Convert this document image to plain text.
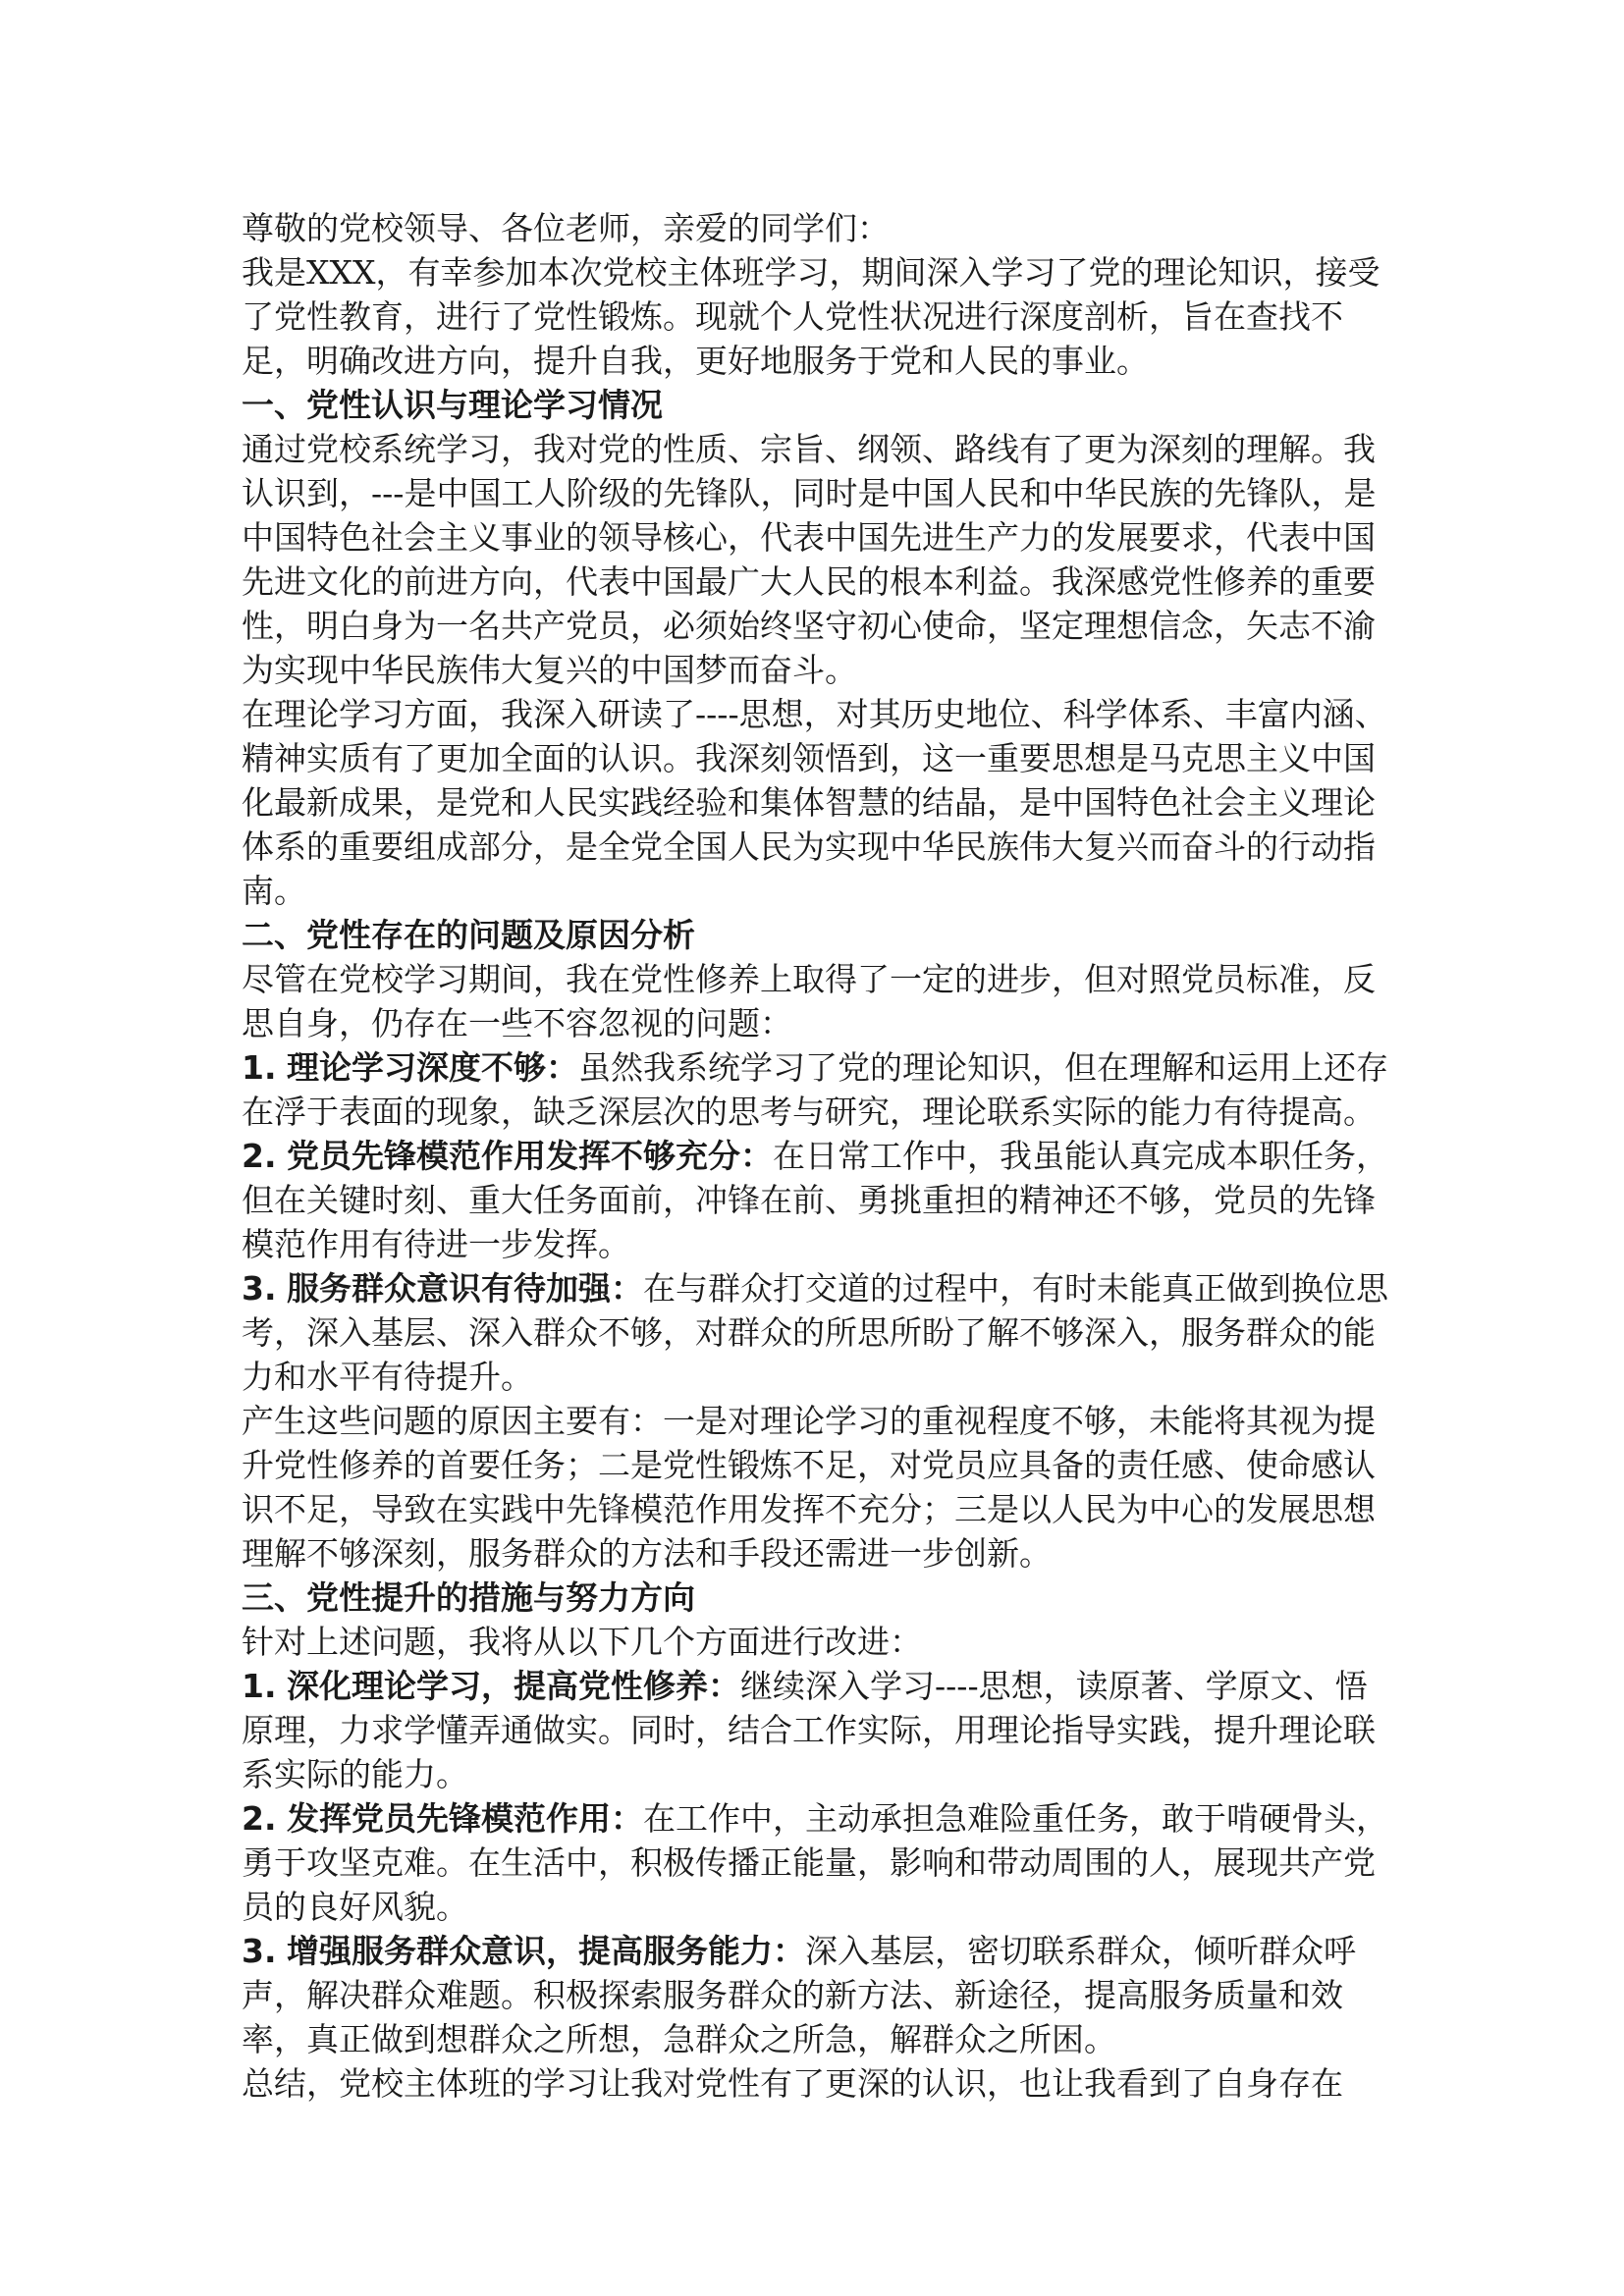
尊敬的党校领导、各位老师，亲爱的同学们：

我是XXX，有幸参加本次党校主体班学习，期间深入学习了党的理论知识，接受了党性教育，进行了党性锻炼。现就个人党性状况进行深度剖析，旨在查找不足，明确改进方向，提升自我，更好地服务于党和人民的事业。

一、党性认识与理论学习情况

通过党校系统学习，我对党的性质、宗旨、纲领、路线有了更为深刻的理解。我认识到，---是中国工人阶级的先锋队，同时是中国人民和中华民族的先锋队，是中国特色社会主义事业的领导核心，代表中国先进生产力的发展要求，代表中国先进文化的前进方向，代表中国最广大人民的根本利益。我深感党性修养的重要性，明白身为一名共产党员，必须始终坚守初心使命，坚定理想信念，矢志不渝为实现中华民族伟大复兴的中国梦而奋斗。

在理论学习方面，我深入研读了----思想，对其历史地位、科学体系、丰富内涵、精神实质有了更加全面的认识。我深刻领悟到，这一重要思想是马克思主义中国化最新成果，是党和人民实践经验和集体智慧的结晶，是中国特色社会主义理论体系的重要组成部分，是全党全国人民为实现中华民族伟大复兴而奋斗的行动指南。

二、党性存在的问题及原因分析

尽管在党校学习期间，我在党性修养上取得了一定的进步，但对照党员标准，反思自身，仍存在一些不容忽视的问题：

1. 理论学习深度不够：虽然我系统学习了党的理论知识，但在理解和运用上还存在浮于表面的现象，缺乏深层次的思考与研究，理论联系实际的能力有待提高。

2. 党员先锋模范作用发挥不够充分：在日常工作中，我虽能认真完成本职任务，但在关键时刻、重大任务面前，冲锋在前、勇挑重担的精神还不够，党员的先锋模范作用有待进一步发挥。

3. 服务群众意识有待加强：在与群众打交道的过程中，有时未能真正做到换位思考，深入基层、深入群众不够，对群众的所思所盼了解不够深入，服务群众的能力和水平有待提升。

产生这些问题的原因主要有：一是对理论学习的重视程度不够，未能将其视为提升党性修养的首要任务；二是党性锻炼不足，对党员应具备的责任感、使命感认识不足，导致在实践中先锋模范作用发挥不充分；三是以人民为中心的发展思想理解不够深刻，服务群众的方法和手段还需进一步创新。

三、党性提升的措施与努力方向

针对上述问题，我将从以下几个方面进行改进：

1. 深化理论学习，提高党性修养：继续深入学习----思想，读原著、学原文、悟原理，力求学懂弄通做实。同时，结合工作实际，用理论指导实践，提升理论联系实际的能力。

2. 发挥党员先锋模范作用：在工作中，主动承担急难险重任务，敢于啃硬骨头，勇于攻坚克难。在生活中，积极传播正能量，影响和带动周围的人，展现共产党员的良好风貌。

3. 增强服务群众意识，提高服务能力：深入基层，密切联系群众，倾听群众呼声，解决群众难题。积极探索服务群众的新方法、新途径，提高服务质量和效率，真正做到想群众之所想，急群众之所急，解群众之所困。

总结，党校主体班的学习让我对党性有了更深的认识，也让我看到了自身存在
